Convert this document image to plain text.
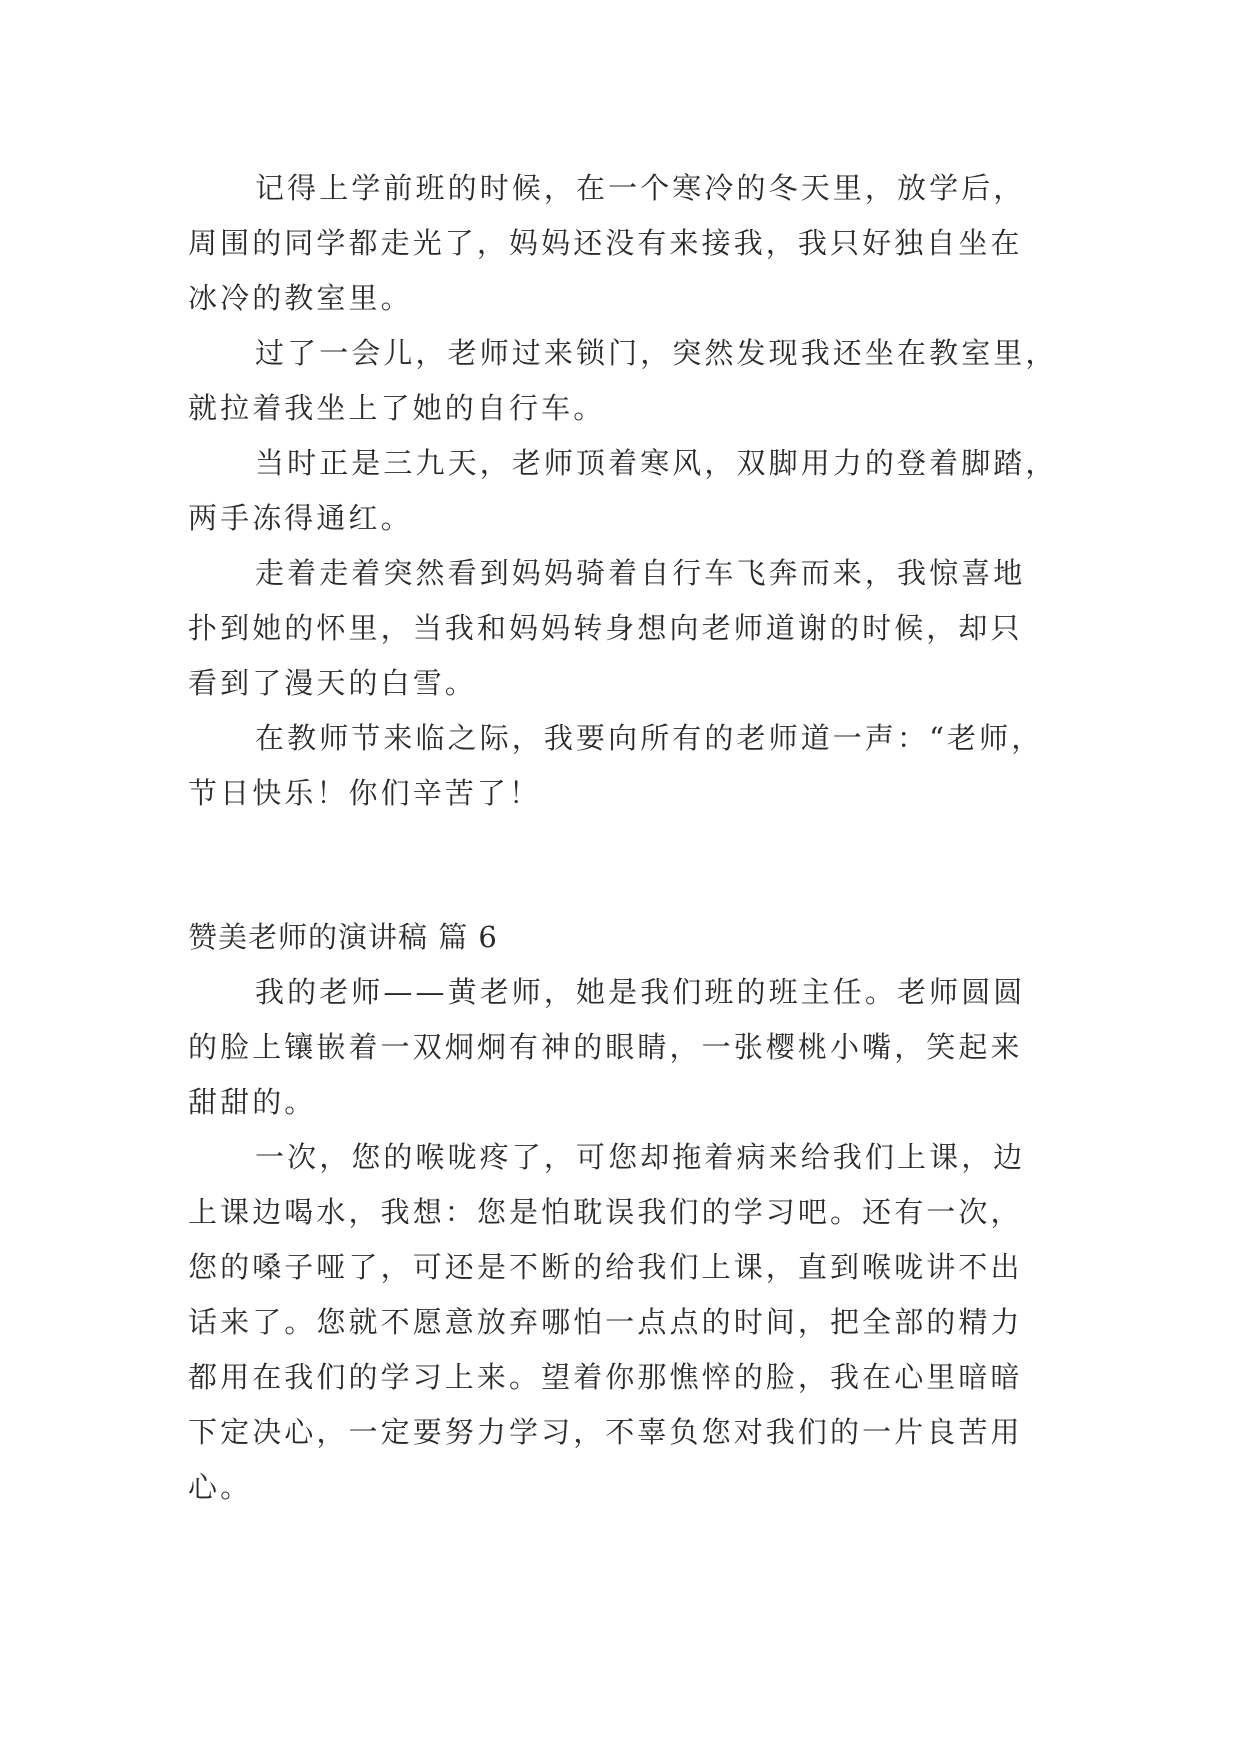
记得上学前班的时候，在一个寒冷的冬天里，放学后，

周围的同学都走光了，妈妈还没有来接我，我只好独自坐在

冰冷的教室里。

过了一会儿，老师过来锁门，突然发现我还坐在教室里，

就拉着我坐上了她的自行车。

当时正是三九天，老师顶着寒风，双脚用力的登着脚踏，

两手冻得通红。

走着走着突然看到妈妈骑着自行车飞奔而来，我惊喜地

扑到她的怀里，当我和妈妈转身想向老师道谢的时候，却只

看到了漫天的白雪。

在教师节来临之际，我要向所有的老师道一声：“老师，

节日快乐！你们辛苦了！

赞美老师的演讲稿 篇 6

我的老师——黄老师，她是我们班的班主任。老师圆圆

的脸上镶嵌着一双炯炯有神的眼睛，一张樱桃小嘴，笑起来

甜甜的。

一次，您的喉咙疼了，可您却拖着病来给我们上课，边

上课边喝水，我想：您是怕耽误我们的学习吧。还有一次，

您的嗓子哑了，可还是不断的给我们上课，直到喉咙讲不出

话来了。您就不愿意放弃哪怕一点点的时间，把全部的精力

都用在我们的学习上来。望着你那憔悴的脸，我在心里暗暗

下定决心，一定要努力学习，不辜负您对我们的一片良苦用

心。
